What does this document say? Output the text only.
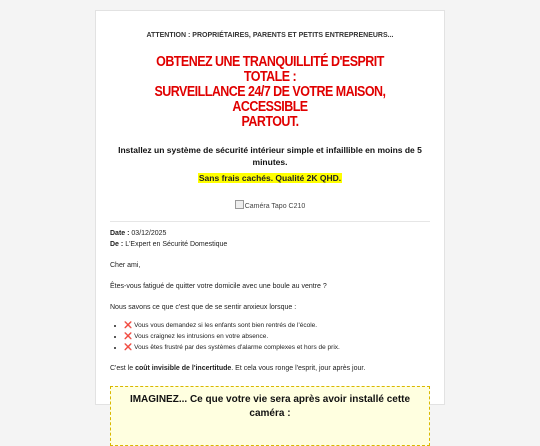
ATTENTION : PROPRIÉTAIRES, PARENTS ET PETITS ENTREPRENEURS...
OBTENEZ UNE TRANQUILLITÉ D'ESPRIT TOTALE :
SURVEILLANCE 24/7 DE VOTRE MAISON, ACCESSIBLE
PARTOUT.
Installez un système de sécurité intérieur simple et infaillible en moins de 5 minutes.
Sans frais cachés. Qualité 2K QHD.
Caméra Tapo C210
Date : 03/12/2025
De : L'Expert en Sécurité Domestique
Cher ami,
Êtes-vous fatigué de quitter votre domicile avec une boule au ventre ?
Nous savons ce que c'est que de se sentir anxieux lorsque :
• ❌ Vous vous demandez si les enfants sont bien rentrés de l'école.
• ❌ Vous craignez les intrusions en votre absence.
• ❌ Vous êtes frustré par des systèmes d'alarme complexes et hors de prix.
C'est le coût invisible de l'incertitude. Et cela vous ronge l'esprit, jour après jour.
IMAGINEZ... Ce que votre vie sera après avoir installé cette
caméra :
